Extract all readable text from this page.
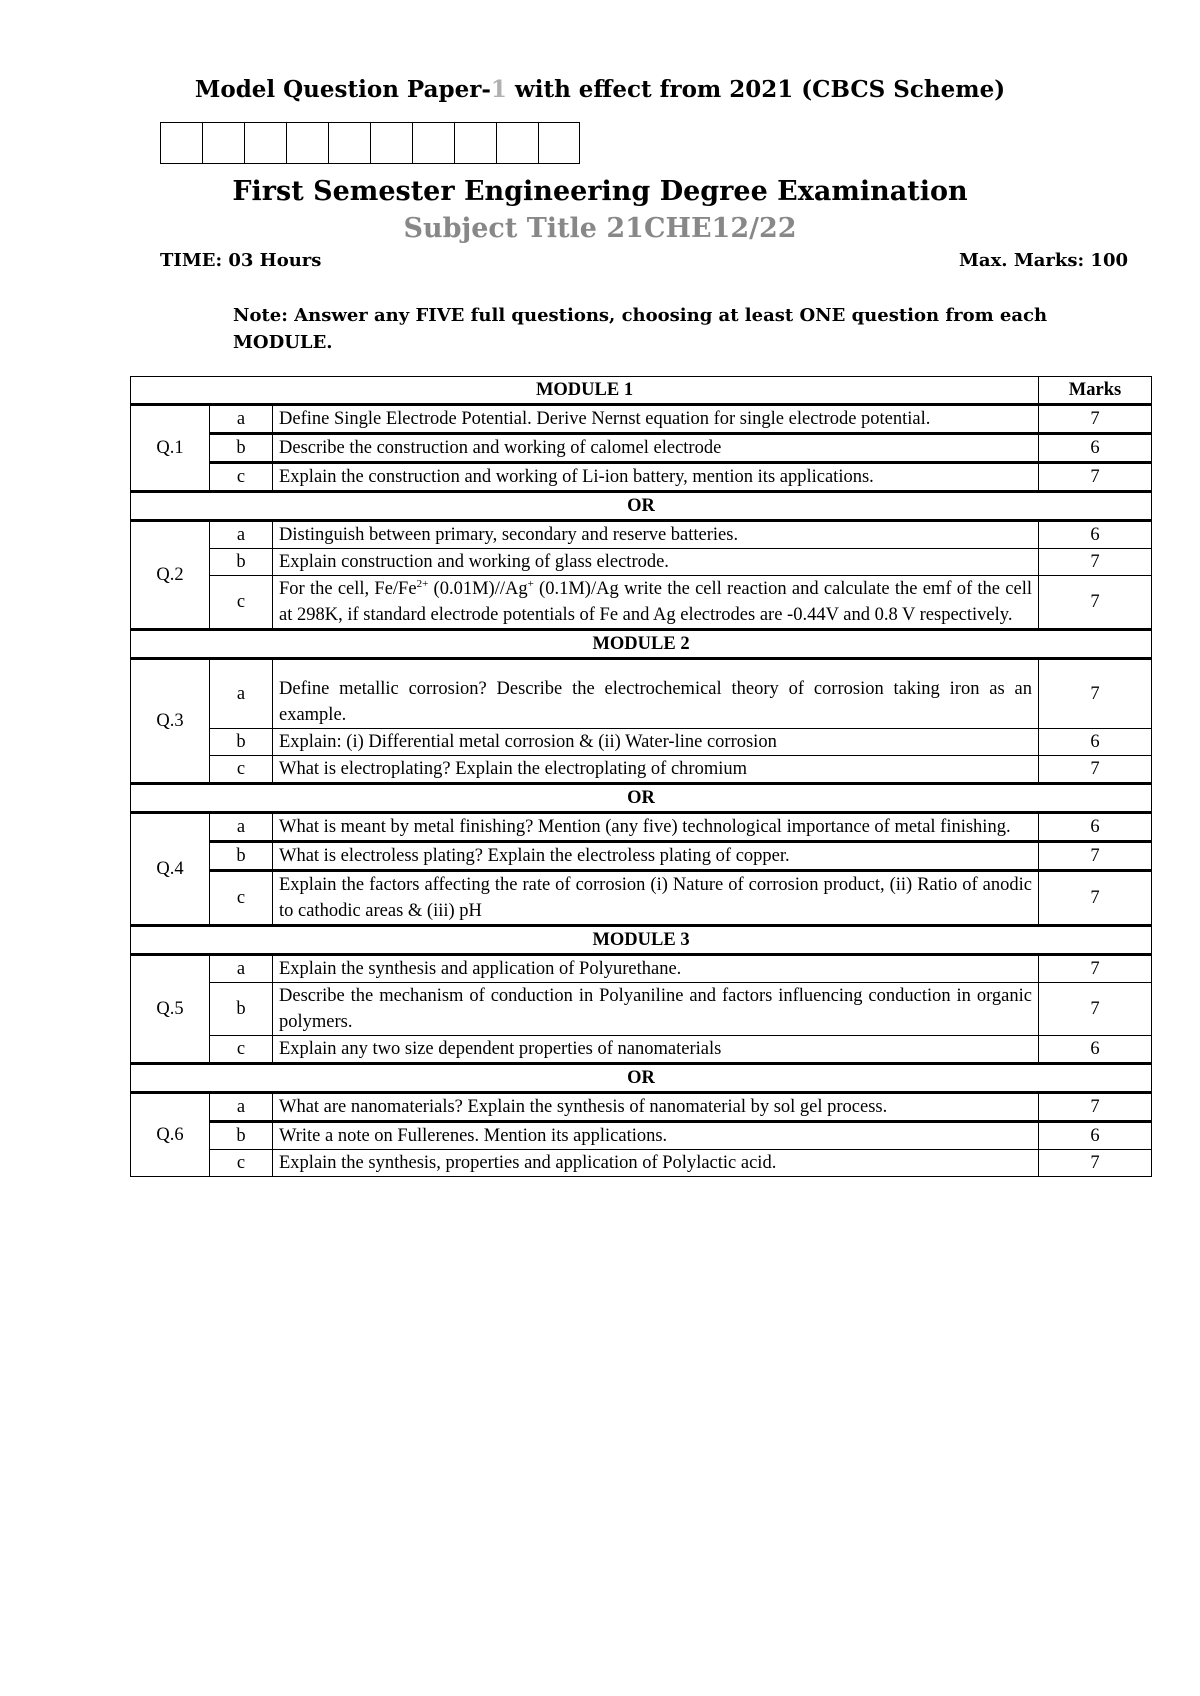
Model Question Paper-1 with effect from 2021 (CBCS Scheme)
First Semester Engineering Degree Examination
Subject Title 21CHE12/22
TIME: 03 Hours	Max. Marks: 100
Note: Answer any FIVE full questions, choosing at least ONE question from each MODULE.
MODULE 1			Marks
Q.1	a	Define Single Electrode Potential. Derive Nernst equation for single electrode potential.	7
	b	Describe the construction and working of calomel electrode	6
	c	Explain the construction and working of Li-ion battery, mention its applications.	7
OR			
Q.2	a	Distinguish between primary, secondary and reserve batteries.	6
	b	Explain construction and working of glass electrode.	7
	c	For the cell, $Fe/Fe^{2+}$ (0.01M)//Ag+ (0.1M)/Ag write the cell reaction and calculate the emf of the cell at 298K, if standard electrode potentials of Fe and Ag electrodes are -0.44V and 0.8 V respectively.	7
MODULE 2			
Q.3	a	Define metallic corrosion? Describe the electrochemical theory of corrosion taking iron as an example.	7
	b	Explain: (i) Differential metal corrosion & (ii) Water-line corrosion	6
	c	What is electroplating? Explain the electroplating of chromium	7
OR			
Q.4	a	What is meant by metal finishing? Mention (any five) technological importance of metal finishing.	6
	b	What is electroless plating? Explain the electroless plating of copper.	7
	c	Explain the factors affecting the rate of corrosion (i) Nature of corrosion product, (ii) Ratio of anodic to cathodic areas & (iii) pH	7
MODULE 3			
Q.5	a	Explain the synthesis and application of Polyurethane.	7
	b	Describe the mechanism of conduction in Polyaniline and factors influencing conduction in organic polymers.	7
	c	Explain any two size dependent properties of nanomaterials	6
OR			
Q.6	a	What are nanomaterials? Explain the synthesis of nanomaterial by sol gel process.	7
	b	Write a note on Fullerenes. Mention its applications.	6
	c	Explain the synthesis, properties and application of Polylactic acid.	7
